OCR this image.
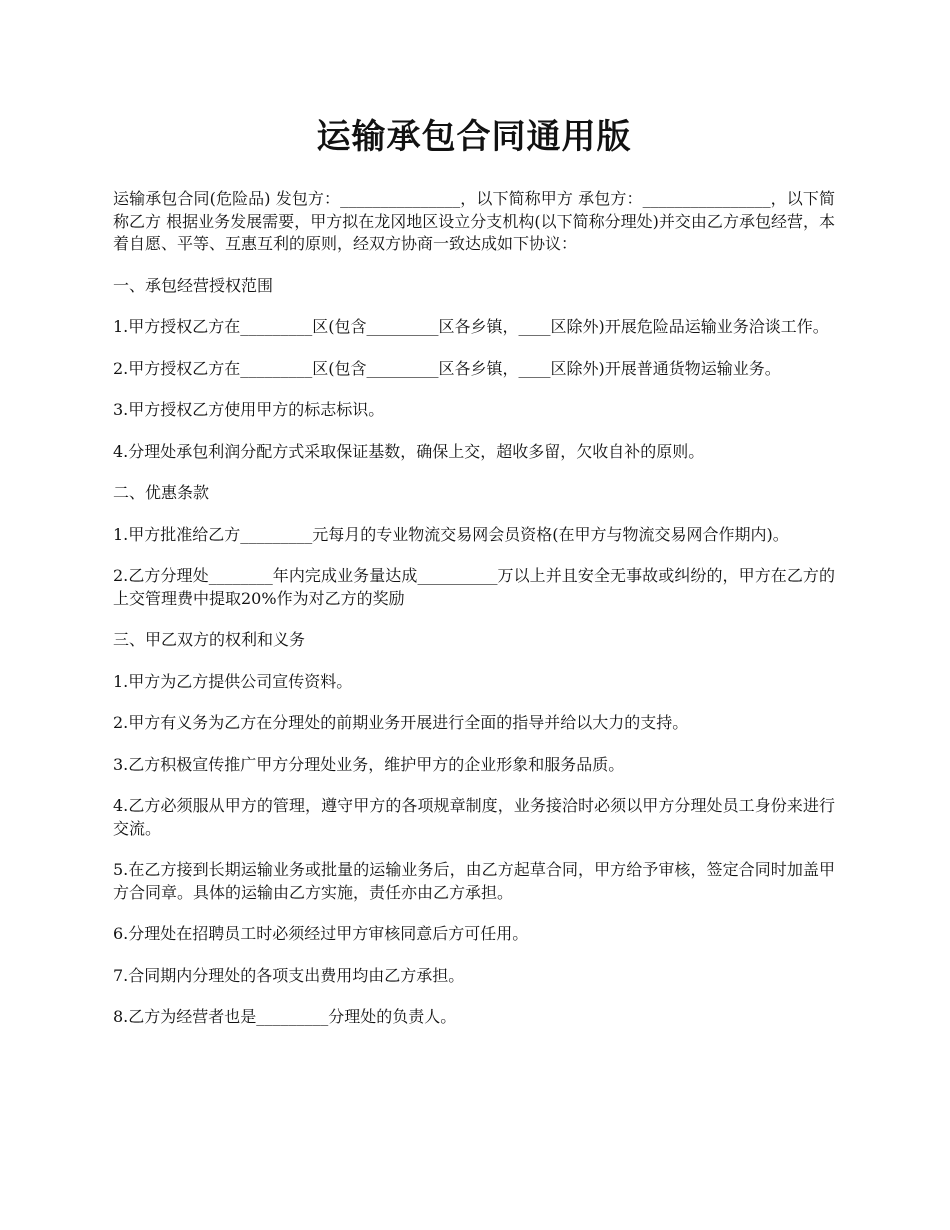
运输承包合同通用版

运输承包合同(危险品) 发包方：_______________，以下简称甲方 承包方：________________，以下简称乙方 根据业务发展需要，甲方拟在龙冈地区设立分支机构(以下简称分理处)并交由乙方承包经营，本着自愿、平等、互惠互利的原则，经双方协商一致达成如下协议：

一、承包经营授权范围

1.甲方授权乙方在_________区(包含_________区各乡镇，____区除外)开展危险品运输业务洽谈工作。

2.甲方授权乙方在_________区(包含_________区各乡镇，____区除外)开展普通货物运输业务。

3.甲方授权乙方使用甲方的标志标识。

4.分理处承包利润分配方式采取保证基数，确保上交，超收多留，欠收自补的原则。

二、优惠条款

1.甲方批准给乙方_________元每月的专业物流交易网会员资格(在甲方与物流交易网合作期内)。

2.乙方分理处________年内完成业务量达成__________万以上并且安全无事故或纠纷的，甲方在乙方的上交管理费中提取20%作为对乙方的奖励

三、甲乙双方的权利和义务

1.甲方为乙方提供公司宣传资料。

2.甲方有义务为乙方在分理处的前期业务开展进行全面的指导并给以大力的支持。

3.乙方积极宣传推广甲方分理处业务，维护甲方的企业形象和服务品质。

4.乙方必须服从甲方的管理，遵守甲方的各项规章制度，业务接洽时必须以甲方分理处员工身份来进行交流。

5.在乙方接到长期运输业务或批量的运输业务后，由乙方起草合同，甲方给予审核，签定合同时加盖甲方合同章。具体的运输由乙方实施，责任亦由乙方承担。

6.分理处在招聘员工时必须经过甲方审核同意后方可任用。

7.合同期内分理处的各项支出费用均由乙方承担。

8.乙方为经营者也是_________分理处的负责人。
